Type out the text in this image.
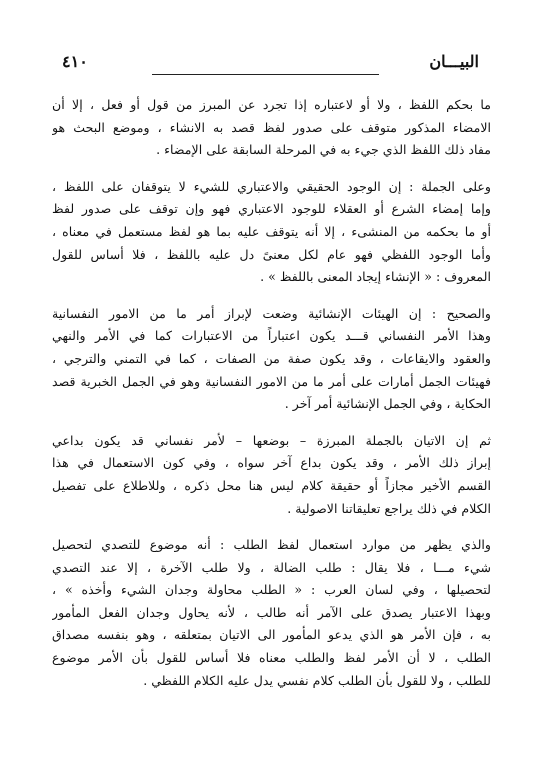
البيـــان
٤١٠
ما بحكم اللفظ ، ولا أو لاعتباره إذا تجرد عن المبرز من قول أو فعل ، إلا أن
الامضاء المذكور متوقف على صدور لفظ قصد به الانشاء ، وموضع البحث هو
مفاد ذلك اللفظ الذي جيء به في المرحلة السابقة على الإمضاء .
وعلى الجملة : إن الوجود الحقيقي والاعتباري للشيء لا يتوقفان على اللفظ ،
وإما إمضاء الشرع أو العقلاء للوجود الاعتباري فهو وإن توقف على صدور لفظ
أو ما بحكمه من المنشىء ، إلا أنه يتوقف عليه بما هو لفظ مستعمل في معناه ،
وأما الوجود اللفظي فهو عام لكل معنىً دل عليه باللفظ ، فلا أساس للقول
المعروف : « الإنشاء إيجاد المعنى باللفظ » .
والصحيح : إن الهيئات الإنشائية وضعت لإبراز أمر ما من الامور النفسانية
وهذا الأمر النفساني قـــد يكون اعتباراً من الاعتبارات كما في الأمر والنهي
والعقود والايقاعات ، وقد يكون صفة من الصفات ، كما في التمني والترجي ،
فهيئات الجمل أمارات على أمر ما من الامور النفسانية وهو في الجمل الخبرية قصد
الحكاية ، وفي الجمل الإنشائية أمر آخر .
ثم إن الاتيان بالجملة المبرزة – بوضعها – لأمر نفساني قد يكون بداعي
إبراز ذلك الأمر ، وقد يكون بداع آخر سواه ، وفي كون الاستعمال في هذا
القسم الأخير مجازاً أو حقيقة كلام ليس هنا محل ذكره ، وللاطلاع على تفصيل
الكلام في ذلك يراجع تعليقاتنا الاصولية .
والذي يظهر من موارد استعمال لفظ الطلب : أنه موضوع للتصدي لتحصيل
شيء مـــا ، فلا يقال : طلب الضالة ، ولا طلب الآخرة ، إلا عند التصدي
لتحصيلها ، وفي لسان العرب : « الطلب محاولة وجدان الشيء وأخذه » ،
وبهذا الاعتبار يصدق على الآمر أنه طالب ، لأنه يحاول وجدان الفعل المأمور
به ، فإن الأمر هو الذي يدعو المأمور الى الاتيان بمتعلقه ، وهو بنفسه مصداق
الطلب ، لا أن الأمر لفظ والطلب معناه فلا أساس للقول بأن الأمر موضوع
للطلب ، ولا للقول بأن الطلب كلام نفسي يدل عليه الكلام اللفظي .
